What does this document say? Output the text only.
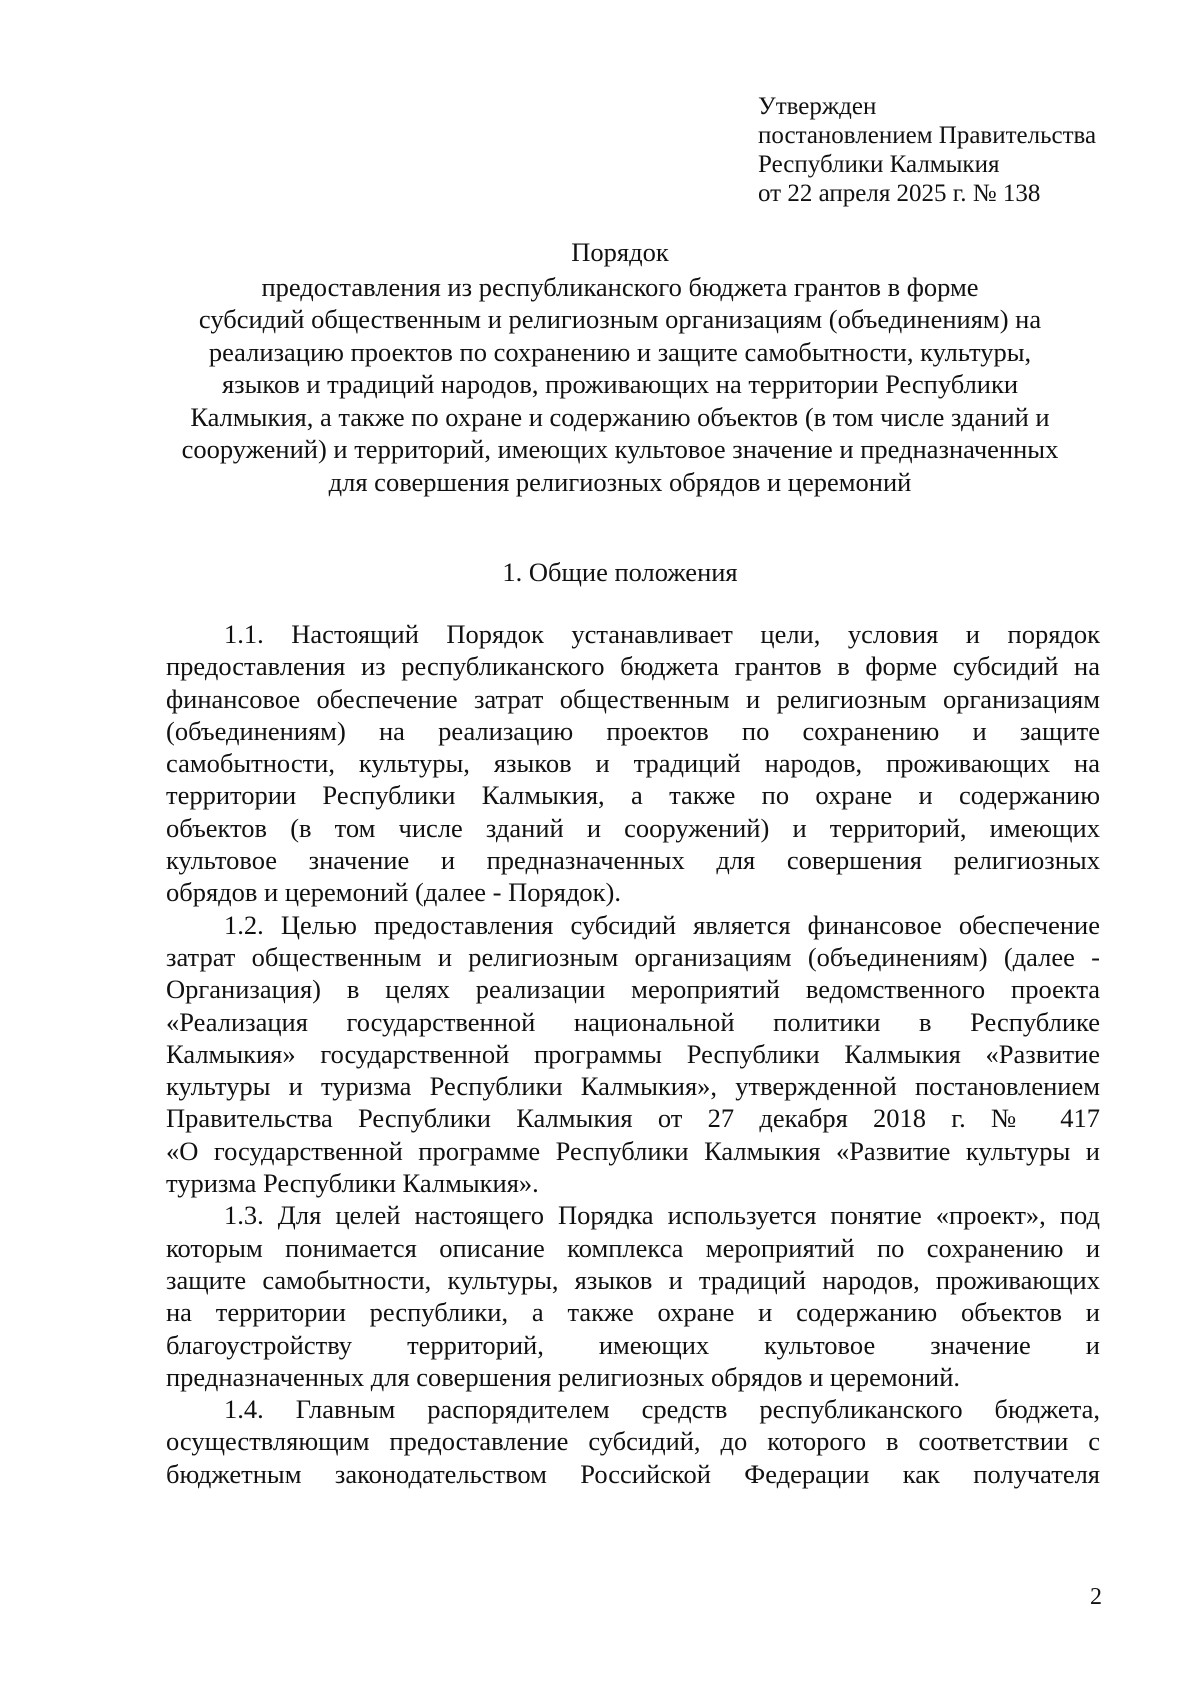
Утвержден
постановлением Правительства
Республики Калмыкия
от 22 апреля 2025 г. № 138
Порядок
предоставления из республиканского бюджета грантов в форме
субсидий общественным и религиозным организациям (объединениям) на
реализацию проектов по сохранению и защите самобытности, культуры,
языков и традиций народов, проживающих на территории Республики
Калмыкия, а также по охране и содержанию объектов (в том числе зданий и
сооружений) и территорий, имеющих культовое значение и предназначенных
для совершения религиозных обрядов и церемоний
1. Общие положения
1.1. Настоящий Порядок устанавливает цели, условия и порядок
предоставления из республиканского бюджета грантов в форме субсидий на
финансовое обеспечение затрат общественным и религиозным организациям
(объединениям) на реализацию проектов по сохранению и защите
самобытности, культуры, языков и традиций народов, проживающих на
территории Республики Калмыкия, а также по охране и содержанию
объектов (в том числе зданий и сооружений) и территорий, имеющих
культовое значение и предназначенных для совершения религиозных
обрядов и церемоний (далее - Порядок).
1.2. Целью предоставления субсидий является финансовое обеспечение
затрат общественным и религиозным организациям (объединениям) (далее -
Организация) в целях реализации мероприятий ведомственного проекта
«Реализация государственной национальной политики в Республике
Калмыкия» государственной программы Республики Калмыкия «Развитие
культуры и туризма Республики Калмыкия», утвержденной постановлением
Правительства Республики Калмыкия от 27 декабря 2018 г. № 417
«О государственной программе Республики Калмыкия «Развитие культуры и
туризма Республики Калмыкия».
1.3. Для целей настоящего Порядка используется понятие «проект», под
которым понимается описание комплекса мероприятий по сохранению и
защите самобытности, культуры, языков и традиций народов, проживающих
на территории республики, а также охране и содержанию объектов и
благоустройству территорий, имеющих культовое значение и
предназначенных для совершения религиозных обрядов и церемоний.
1.4. Главным распорядителем средств республиканского бюджета,
осуществляющим предоставление субсидий, до которого в соответствии с
бюджетным законодательством Российской Федерации как получателя
2
